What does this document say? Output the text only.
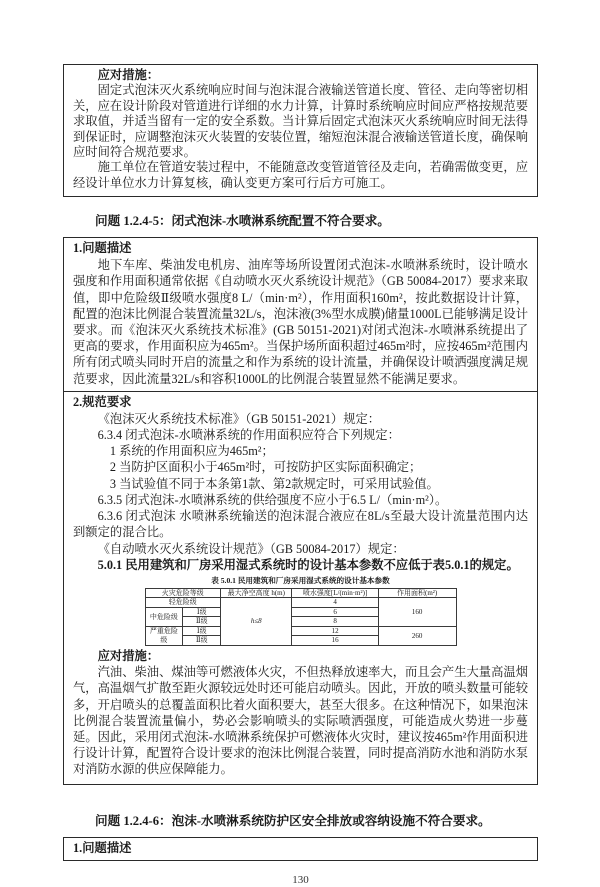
应对措施：

固定式泡沫灭火系统响应时间与泡沫混合液输送管道长度、管径、走向等密切相关，应在设计阶段对管道进行详细的水力计算，计算时系统响应时间应严格按规范要求取值，并适当留有一定的安全系数。当计算后固定式泡沫灭火系统响应时间无法得到保证时，应调整泡沫灭火装置的安装位置，缩短泡沫混合液输送管道长度，确保响应时间符合规范要求。

施工单位在管道安装过程中，不能随意改变管道管径及走向，若确需做变更，应经设计单位水力计算复核，确认变更方案可行后方可施工。

问题 1.2.4-5：闭式泡沫-水喷淋系统配置不符合要求。

1.问题描述

地下车库、柴油发电机房、油库等场所设置闭式泡沫-水喷淋系统时，设计喷水强度和作用面积通常依据《自动喷水灭火系统设计规范》（GB 50084-2017）要求来取值，即中危险级Ⅱ级喷水强度8 L/（min·m²），作用面积160m²，按此数据设计计算，配置的泡沫比例混合装置流量32L/s，泡沫液(3%型水成膜)储量1000L已能够满足设计要求。而《泡沫灭火系统技术标准》(GB 50151-2021)对闭式泡沫-水喷淋系统提出了更高的要求，作用面积应为465m²。当保护场所面积超过465m²时，应按465m²范围内所有闭式喷头同时开启的流量之和作为系统的设计流量，并确保设计喷洒强度满足规范要求，因此流量32L/s和容积1000L的比例混合装置显然不能满足要求。

2.规范要求

《泡沫灭火系统技术标准》（GB 50151-2021）规定：

6.3.4 闭式泡沫-水喷淋系统的作用面积应符合下列规定：

1 系统的作用面积应为465m²；

2 当防护区面积小于465m²时，可按防护区实际面积确定；

3 当试验值不同于本条第1款、第2款规定时，可采用试验值。

6.3.5 闭式泡沫-水喷淋系统的供给强度不应小于6.5 L/（min·m²）。

6.3.6 闭式泡沫 水喷淋系统输送的泡沫混合液应在8L/s至最大设计流量范围内达到额定的混合比。

《自动喷水灭火系统设计规范》（GB 50084-2017）规定：

5.0.1 民用建筑和厂房采用湿式系统时的设计基本参数不应低于表5.0.1的规定。

表 5.0.1 民用建筑和厂房采用湿式系统的设计基本参数
火灾危险等级		最大净空高度 h(m)	喷水强度[L/(min·m²)]	作用面积(m²)
轻危险级		h≤8	4	160
中危险级	Ⅰ级		6	
	Ⅱ级		8	
严重危险级	Ⅰ级		12	260
	Ⅱ级		16	

应对措施：

汽油、柴油、煤油等可燃液体火灾，不但热释放速率大，而且会产生大量高温烟气，高温烟气扩散至距火源较远处时还可能启动喷头。因此，开放的喷头数量可能较多，开启喷头的总覆盖面积比着火面积要大，甚至大很多。在这种情况下，如果泡沫比例混合装置流量偏小，势必会影响喷头的实际喷洒强度，可能造成火势进一步蔓延。因此，采用闭式泡沫-水喷淋系统保护可燃液体火灾时，建议按465m²作用面积进行设计计算，配置符合设计要求的泡沫比例混合装置，同时提高消防水池和消防水泵对消防水源的供应保障能力。

问题 1.2.4-6：泡沫-水喷淋系统防护区安全排放或容纳设施不符合要求。

1.问题描述

130
